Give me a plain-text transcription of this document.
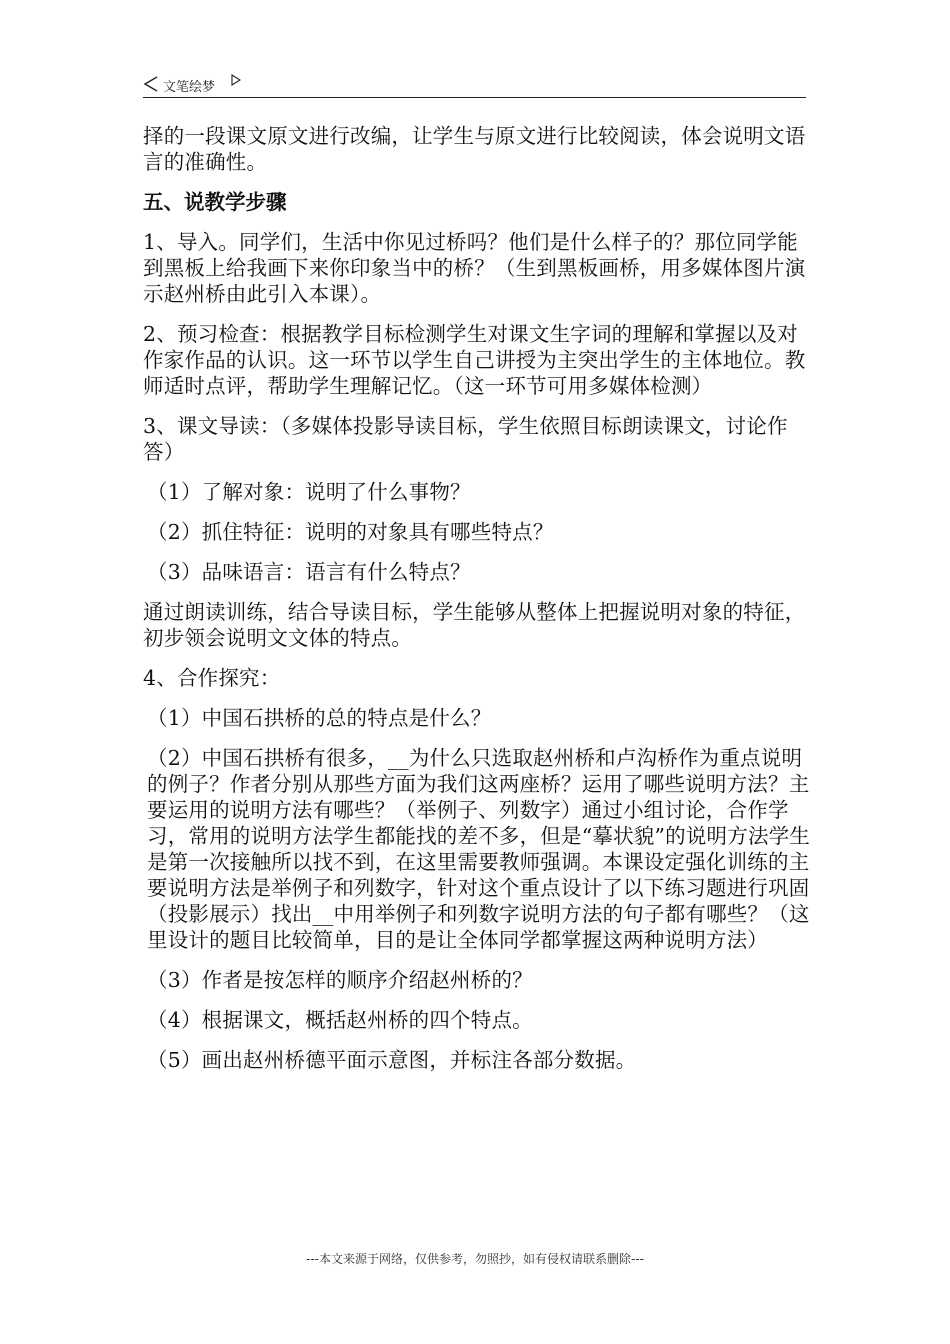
文笔绘梦

择的一段课文原文进行改编，让学生与原文进行比较阅读，体会说明文语言的准确性。

五、说教学步骤

1、导入。同学们，生活中你见过桥吗？他们是什么样子的？那位同学能到黑板上给我画下来你印象当中的桥？（生到黑板画桥，用多媒体图片演示赵州桥由此引入本课）。

2、预习检查：根据教学目标检测学生对课文生字词的理解和掌握以及对作家作品的认识。这一环节以学生自己讲授为主突出学生的主体地位。教师适时点评，帮助学生理解记忆。（这一环节可用多媒体检测）

3、课文导读：（多媒体投影导读目标，学生依照目标朗读课文，讨论作答）

（1）了解对象：说明了什么事物？

（2）抓住特征：说明的对象具有哪些特点？

（3）品味语言：语言有什么特点？

通过朗读训练，结合导读目标，学生能够从整体上把握说明对象的特征，初步领会说明文文体的特点。

4、合作探究：

（1）中国石拱桥的总的特点是什么？

（2）中国石拱桥有很多，__为什么只选取赵州桥和卢沟桥作为重点说明的例子？作者分别从那些方面为我们这两座桥？运用了哪些说明方法？主要运用的说明方法有哪些？（举例子、列数字）通过小组讨论，合作学习，常用的说明方法学生都能找的差不多，但是“摹状貌”的说明方法学生是第一次接触所以找不到，在这里需要教师强调。本课设定强化训练的主要说明方法是举例子和列数字，针对这个重点设计了以下练习题进行巩固（投影展示）找出__中用举例子和列数字说明方法的句子都有哪些？（这里设计的题目比较简单，目的是让全体同学都掌握这两种说明方法）

（3）作者是按怎样的顺序介绍赵州桥的？

（4）根据课文，概括赵州桥的四个特点。

（5）画出赵州桥德平面示意图，并标注各部分数据。

---本文来源于网络，仅供参考，勿照抄，如有侵权请联系删除---
